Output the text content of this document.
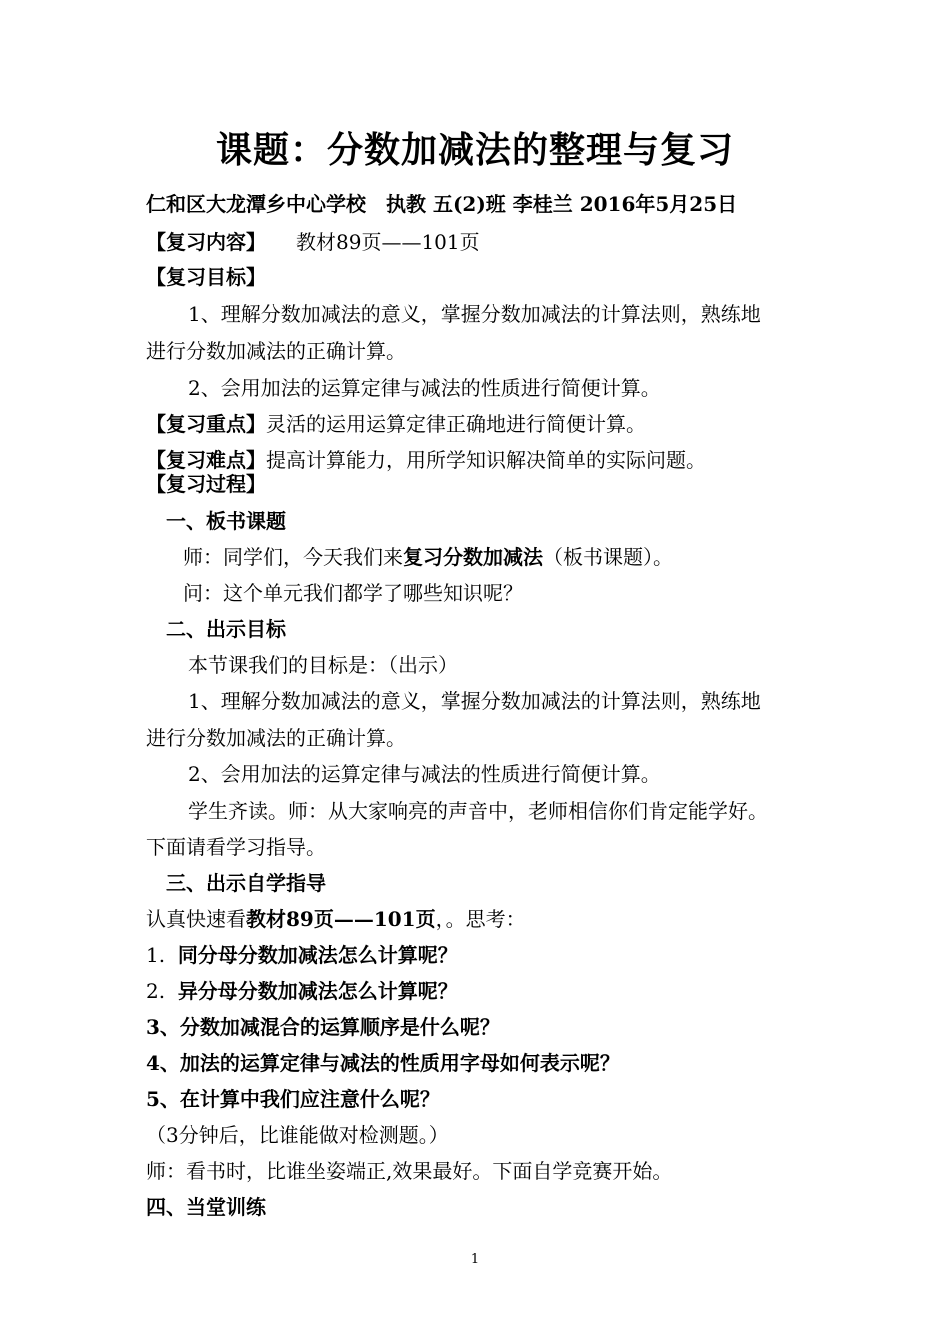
课题：分数加减法的整理与复习
仁和区大龙潭乡中心学校　执教 五(2)班 李桂兰 2016年5月25日
【复习内容】　　教材89页——101页
【复习目标】
1、理解分数加减法的意义，掌握分数加减法的计算法则，熟练地
进行分数加减法的正确计算。
2、会用加法的运算定律与减法的性质进行简便计算。
【复习重点】灵活的运用运算定律正确地进行简便计算。
【复习难点】提高计算能力，用所学知识解决简单的实际问题。
【复习过程】
一、板书课题
师：同学们，今天我们来复习分数加减法（板书课题）。
问：这个单元我们都学了哪些知识呢？
二、出示目标
本节课我们的目标是：（出示）
1、理解分数加减法的意义，掌握分数加减法的计算法则，熟练地
进行分数加减法的正确计算。
2、会用加法的运算定律与减法的性质进行简便计算。
学生齐读。师：从大家响亮的声音中，老师相信你们肯定能学好。
下面请看学习指导。
三、出示自学指导
认真快速看教材89页——101页，。思考：
1. 同分母分数加减法怎么计算呢？
2. 异分母分数加减法怎么计算呢？
3、分数加减混合的运算顺序是什么呢？
4、加法的运算定律与减法的性质用字母如何表示呢？
5、在计算中我们应注意什么呢？
（3分钟后，比谁能做对检测题。）
师：看书时，比谁坐姿端正,效果最好。下面自学竞赛开始。
四、当堂训练
1
